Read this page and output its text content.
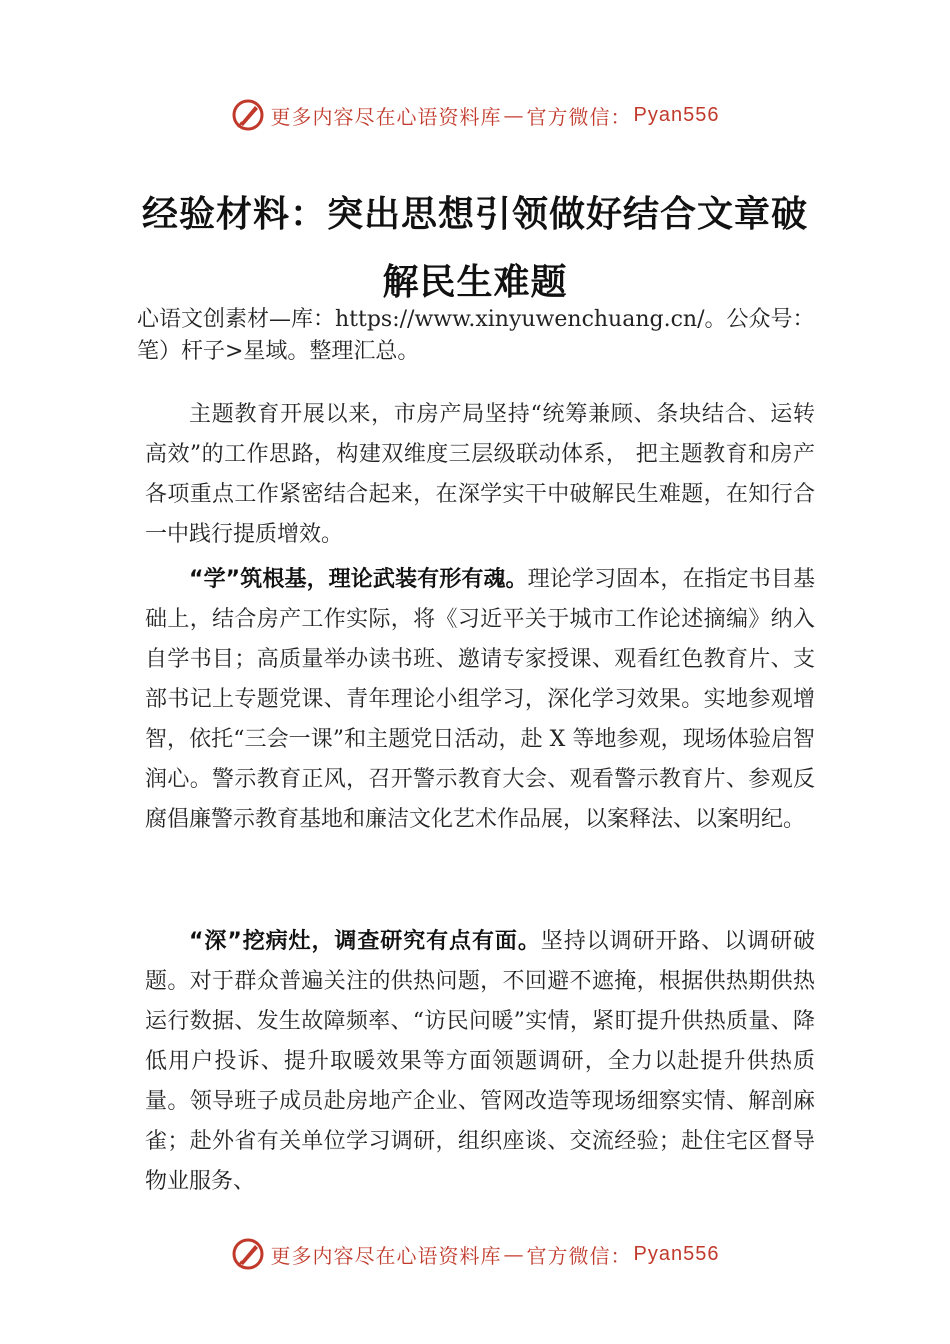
更多内容尽在心语资料库 — 官方微信： Pyan556
经验材料：突出思想引领做好结合文章破
解民生难题
心语文创素材—库：https://www.xinyuwenchuang.cn/。公众号：笔）杆子>星域。整理汇总。
主题教育开展以来，市房产局坚持“统筹兼顾、条块结合、运转高效”的工作思路，构建双维度三层级联动体系， 把主题教育和房产各项重点工作紧密结合起来，在深学实干中破解民生难题，在知行合一中践行提质增效。
“学”筑根基，理论武装有形有魂。理论学习固本，在指定书目基础上，结合房产工作实际，将《习近平关于城市工作论述摘编》纳入自学书目；高质量举办读书班、邀请专家授课、观看红色教育片、支部书记上专题党课、青年理论小组学习，深化学习效果。实地参观增智，依托“三会一课”和主题党日活动，赴 X 等地参观，现场体验启智润心。警示教育正风，召开警示教育大会、观看警示教育片、参观反腐倡廉警示教育基地和廉洁文化艺术作品展，以案释法、以案明纪。
“深”挖病灶，调查研究有点有面。坚持以调研开路、以调研破题。对于群众普遍关注的供热问题，不回避不遮掩，根据供热期供热运行数据、发生故障频率、“访民问暖”实情，紧盯提升供热质量、降低用户投诉、提升取暖效果等方面领题调研，全力以赴提升供热质量。领导班子成员赴房地产企业、管网改造等现场细察实情、解剖麻雀；赴外省有关单位学习调研，组织座谈、交流经验；赴住宅区督导物业服务、
更多内容尽在心语资料库 — 官方微信： Pyan556
